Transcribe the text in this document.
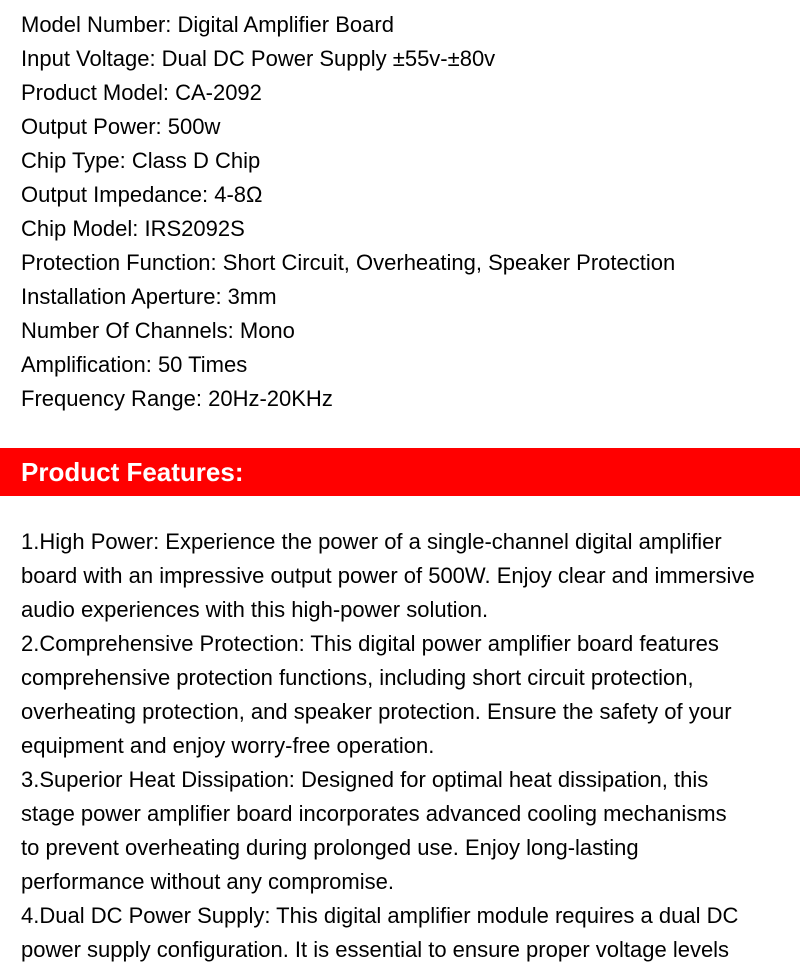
Model Number: Digital Amplifier Board
Input Voltage: Dual DC Power Supply ±55v-±80v
Product Model: CA-2092
Output Power: 500w
Chip Type: Class D Chip
Output Impedance: 4-8Ω
Chip Model: IRS2092S
Protection Function: Short Circuit, Overheating, Speaker Protection
Installation Aperture: 3mm
Number Of Channels: Mono
Amplification: 50 Times
Frequency Range: 20Hz-20KHz
Product Features:
1.High Power: Experience the power of a single-channel digital amplifier
board with an impressive output power of 500W. Enjoy clear and immersive
audio experiences with this high-power solution.
2.Comprehensive Protection: This digital power amplifier board features
comprehensive protection functions, including short circuit protection,
overheating protection, and speaker protection. Ensure the safety of your
equipment and enjoy worry-free operation.
3.Superior Heat Dissipation: Designed for optimal heat dissipation, this
stage power amplifier board incorporates advanced cooling mechanisms
to prevent overheating during prolonged use. Enjoy long-lasting
performance without any compromise.
4.Dual DC Power Supply: This digital amplifier module requires a dual DC
power supply configuration. It is essential to ensure proper voltage levels
